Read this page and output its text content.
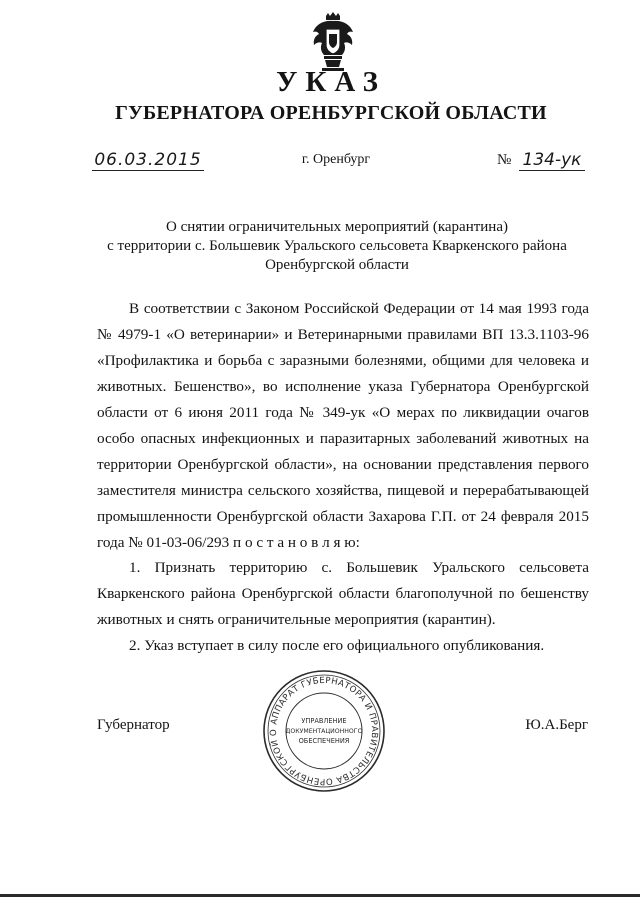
УКАЗ
ГУБЕРНАТОРА ОРЕНБУРГСКОЙ ОБЛАСТИ
06.03.2015	г. Оренбург	№ 134-ук
О снятии ограничительных мероприятий (карантина)
с территории с. Большевик Уральского сельсовета Кваркенского района
Оренбургской области

В соответствии с Законом Российской Федерации от 14 мая 1993 года № 4979-1 «О ветеринарии» и Ветеринарными правилами ВП 13.3.1103-96 «Профилактика и борьба с заразными болезнями, общими для человека и животных. Бешенство», во исполнение указа Губернатора Оренбургской области от 6 июня 2011 года № 349-ук «О мерах по ликвидации очагов особо опасных инфекционных и паразитарных заболеваний животных на территории Оренбургской области», на основании представления первого заместителя министра сельского хозяйства, пищевой и перерабатывающей промышленности Оренбургской области Захарова Г.П. от 24 февраля 2015 года № 01-03-06/293 п о с т а н о в л я ю:

1. Признать территорию с. Большевик Уральского сельсовета Кваркенского района Оренбургской области благополучной по бешенству животных и снять ограничительные мероприятия (карантин).

2. Указ вступает в силу после его официального опубликования.

Губернатор	Ю.А.Берг
АППАРАТ ГУБЕРНАТОРА И ПРАВИТЕЛЬСТВА ОРЕНБУРГСКОЙ О
УПРАВЛЕНИЕ
ДОКУМЕНТАЦИОННОГО
ОБЕСПЕЧЕНИЯ
